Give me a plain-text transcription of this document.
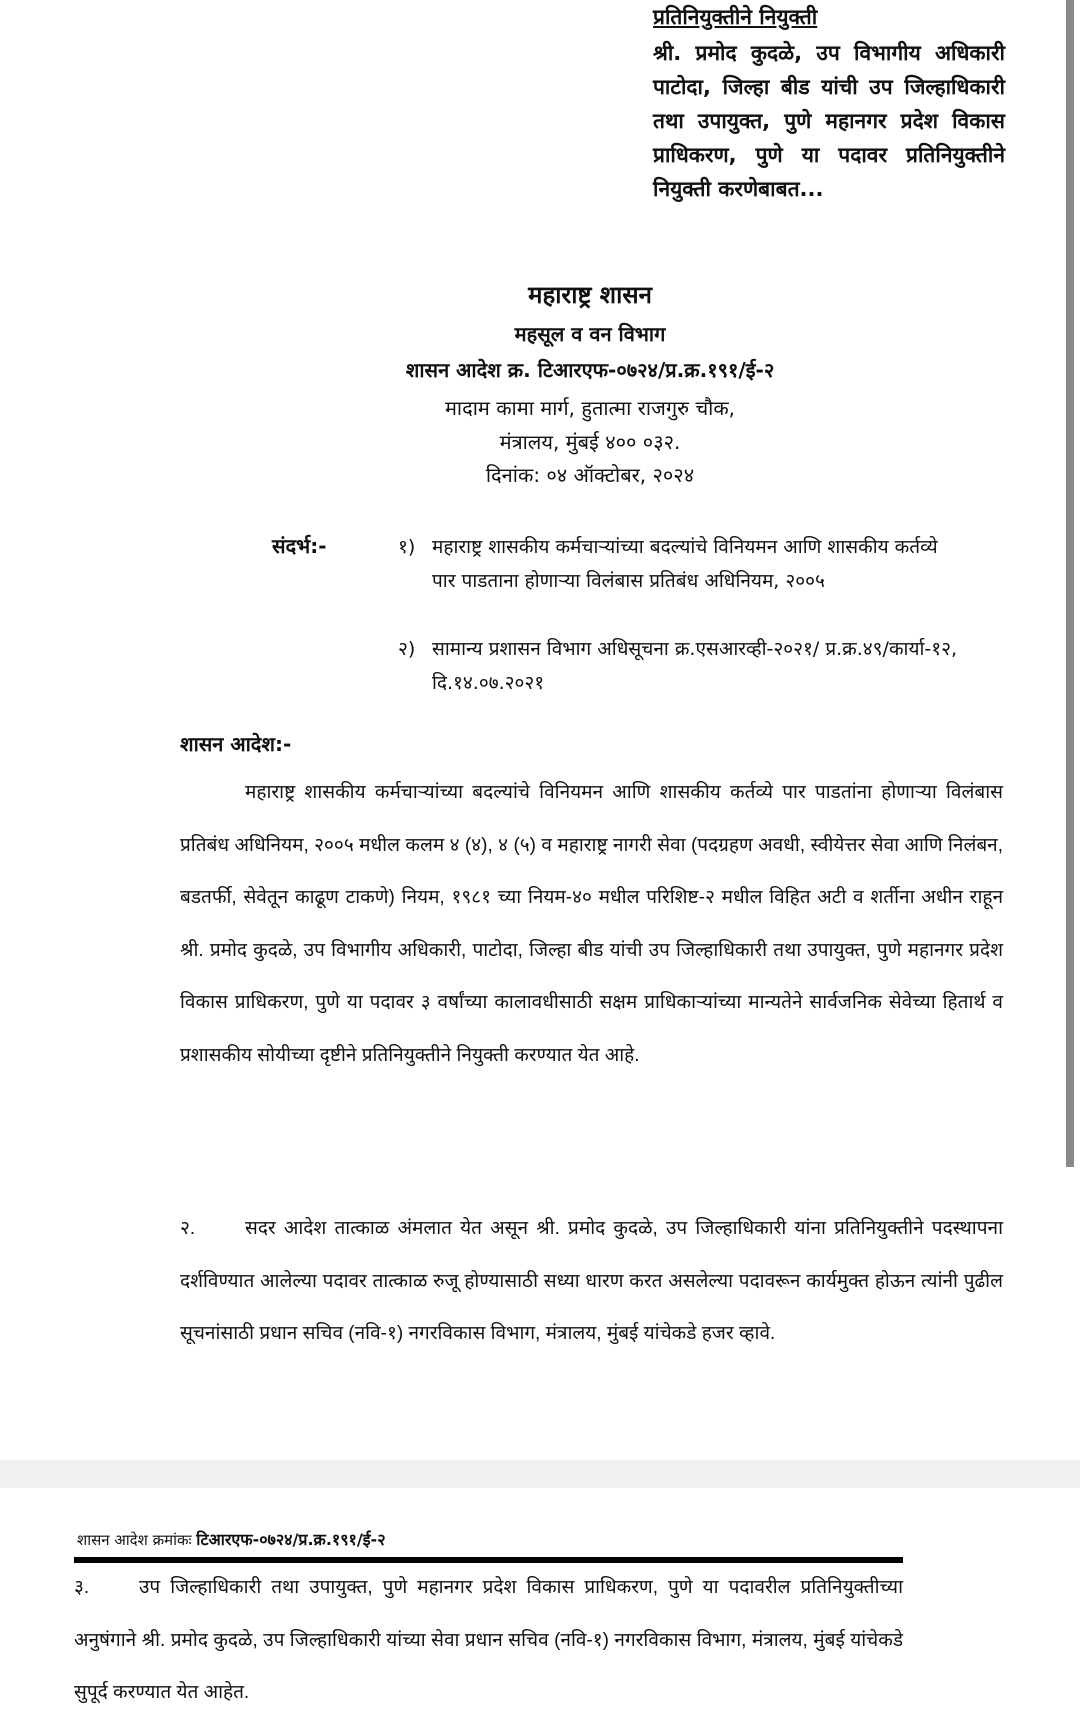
प्रतिनियुक्तीने नियुक्ती
श्री. प्रमोद कुदळे, उप विभागीय अधिकारी पाटोदा, जिल्हा बीड यांची उप जिल्हाधिकारी तथा उपायुक्त, पुणे महानगर प्रदेश विकास प्राधिकरण, पुणे या पदावर प्रतिनियुक्तीने नियुक्ती करणेबाबत...
महाराष्ट्र शासन
महसूल व वन विभाग
शासन आदेश क्र. टिआरएफ-०७२४/प्र.क्र.१९१/ई-२
मादाम कामा मार्ग, हुतात्मा राजगुरु चौक,
मंत्रालय, मुंबई ४०० ०३२.
दिनांक: ०४ ऑक्टोबर, २०२४
संदर्भ:-	१) महाराष्ट्र शासकीय कर्मचाऱ्यांच्या बदल्यांचे विनियमन आणि शासकीय कर्तव्ये पार पाडताना होणाऱ्या विलंबास प्रतिबंध अधिनियम, २००५
२) सामान्य प्रशासन विभाग अधिसूचना क्र.एसआरव्ही-२०२१/ प्र.क्र.४९/कार्या-१२, दि.१४.०७.२०२१
शासन आदेश:-
महाराष्ट्र शासकीय कर्मचाऱ्यांच्या बदल्यांचे विनियमन आणि शासकीय कर्तव्ये पार पाडतांना होणाऱ्या विलंबास प्रतिबंध अधिनियम, २००५ मधील कलम ४ (४), ४ (५) व महाराष्ट्र नागरी सेवा (पदग्रहण अवधी, स्वीयेत्तर सेवा आणि निलंबन, बडतर्फी, सेवेतून काढूण टाकणे) नियम, १९८१ च्या नियम-४० मधील परिशिष्ट-२ मधील विहित अटी व शर्तीना अधीन राहून श्री. प्रमोद कुदळे, उप विभागीय अधिकारी, पाटोदा, जिल्हा बीड यांची उप जिल्हाधिकारी तथा उपायुक्त, पुणे महानगर प्रदेश विकास प्राधिकरण, पुणे या पदावर ३ वर्षांच्या कालावधीसाठी सक्षम प्राधिकाऱ्यांच्या मान्यतेने सार्वजनिक सेवेच्या हितार्थ व प्रशासकीय सोयीच्या दृष्टीने प्रतिनियुक्तीने नियुक्ती करण्यात येत आहे.
२.	सदर आदेश तात्काळ अंमलात येत असून श्री. प्रमोद कुदळे, उप जिल्हाधिकारी यांना प्रतिनियुक्तीने पदस्थापना दर्शविण्यात आलेल्या पदावर तात्काळ रुजू होण्यासाठी सध्या धारण करत असलेल्या पदावरून कार्यमुक्त होऊन त्यांनी पुढील सूचनांसाठी प्रधान सचिव (नवि-१) नगरविकास विभाग, मंत्रालय, मुंबई यांचेकडे हजर व्हावे.
शासन आदेश क्रमांकः टिआरएफ-०७२४/प्र.क्र.१९१/ई-२
३.	उप जिल्हाधिकारी तथा उपायुक्त, पुणे महानगर प्रदेश विकास प्राधिकरण, पुणे या पदावरील प्रतिनियुक्तीच्या अनुषंगाने श्री. प्रमोद कुदळे, उप जिल्हाधिकारी यांच्या सेवा प्रधान सचिव (नवि-१) नगरविकास विभाग, मंत्रालय, मुंबई यांचेकडे सुपूर्द करण्यात येत आहेत.
